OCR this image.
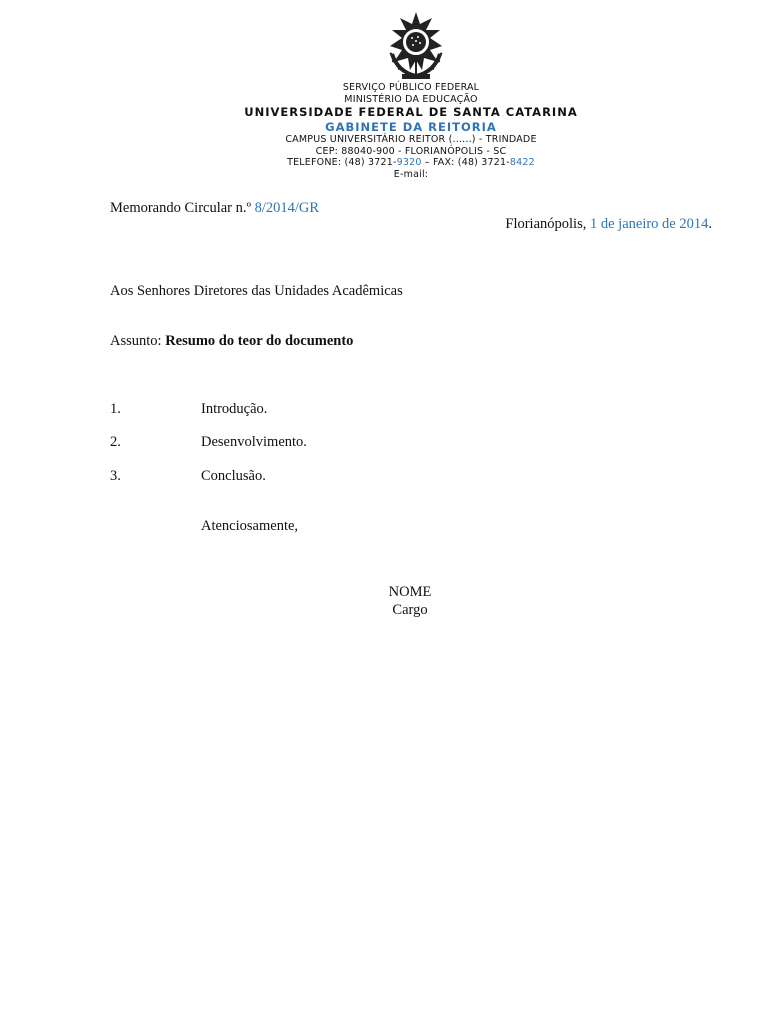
SERVIÇO PÚBLICO FEDERAL
MINISTÉRIO DA EDUCAÇÃO
UNIVERSIDADE FEDERAL DE SANTA CATARINA
GABINETE DA REITORIA
CAMPUS UNIVERSITÁRIO REITOR (......) - TRINDADE
CEP: 88040-900 - FLORIANÓPOLIS - SC
TELEFONE: (48) 3721-9320 – FAX: (48) 3721-8422
E-mail:
Memorando Circular n.º 8/2014/GR
Florianópolis, 1 de janeiro de 2014.
Aos Senhores Diretores das Unidades Acadêmicas
Assunto: Resumo do teor do documento
1.	Introdução.
2.	Desenvolvimento.
3.	Conclusão.
Atenciosamente,
NOME
Cargo
